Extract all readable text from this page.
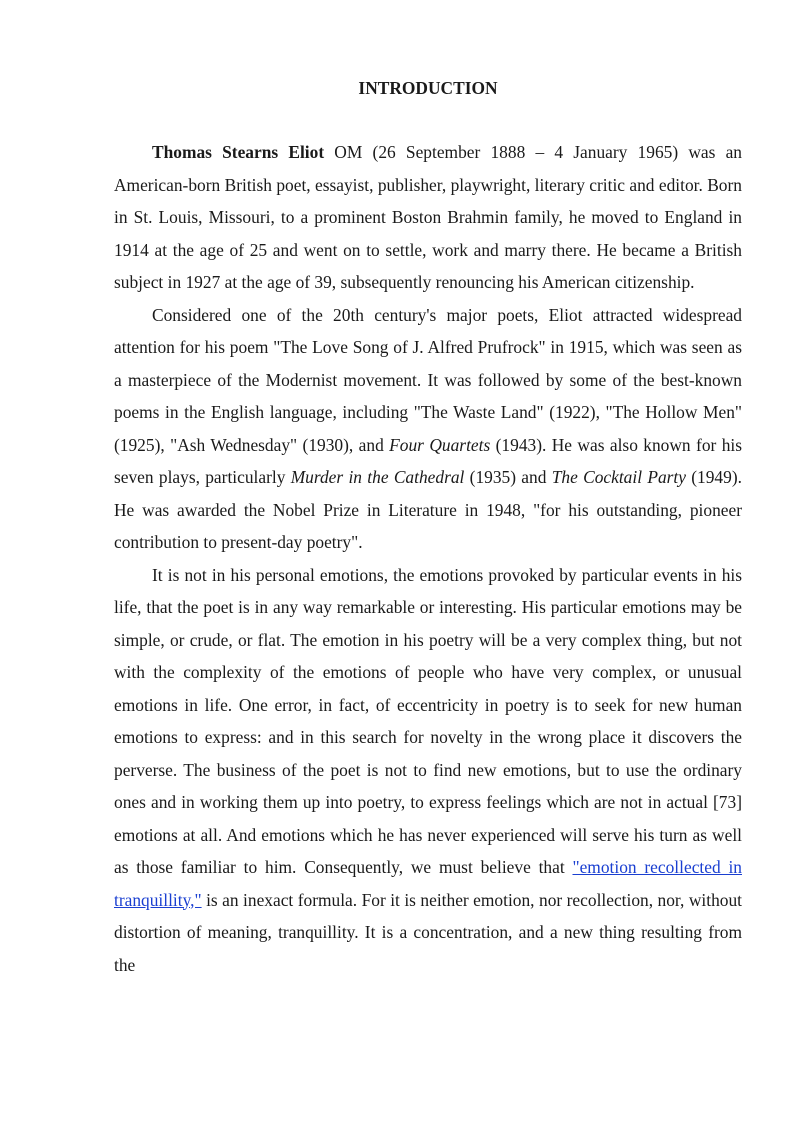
INTRODUCTION

Thomas Stearns Eliot OM (26 September 1888 – 4 January 1965) was an American-born British poet, essayist, publisher, playwright, literary critic and editor. Born in St. Louis, Missouri, to a prominent Boston Brahmin family, he moved to England in 1914 at the age of 25 and went on to settle, work and marry there. He became a British subject in 1927 at the age of 39, subsequently renouncing his American citizenship.

Considered one of the 20th century's major poets, Eliot attracted widespread attention for his poem "The Love Song of J. Alfred Prufrock" in 1915, which was seen as a masterpiece of the Modernist movement. It was followed by some of the best-known poems in the English language, including "The Waste Land" (1922), "The Hollow Men" (1925), "Ash Wednesday" (1930), and Four Quartets (1943). He was also known for his seven plays, particularly Murder in the Cathedral (1935) and The Cocktail Party (1949). He was awarded the Nobel Prize in Literature in 1948, "for his outstanding, pioneer contribution to present-day poetry".

It is not in his personal emotions, the emotions provoked by particular events in his life, that the poet is in any way remarkable or interesting. His particular emotions may be simple, or crude, or flat. The emotion in his poetry will be a very complex thing, but not with the complexity of the emotions of people who have very complex, or unusual emotions in life. One error, in fact, of eccentricity in poetry is to seek for new human emotions to express: and in this search for novelty in the wrong place it discovers the perverse. The business of the poet is not to find new emotions, but to use the ordinary ones and in working them up into poetry, to express feelings which are not in actual [73] emotions at all. And emotions which he has never experienced will serve his turn as well as those familiar to him. Consequently, we must believe that "emotion recollected in tranquillity," is an inexact formula. For it is neither emotion, nor recollection, nor, without distortion of meaning, tranquillity. It is a concentration, and a new thing resulting from the
